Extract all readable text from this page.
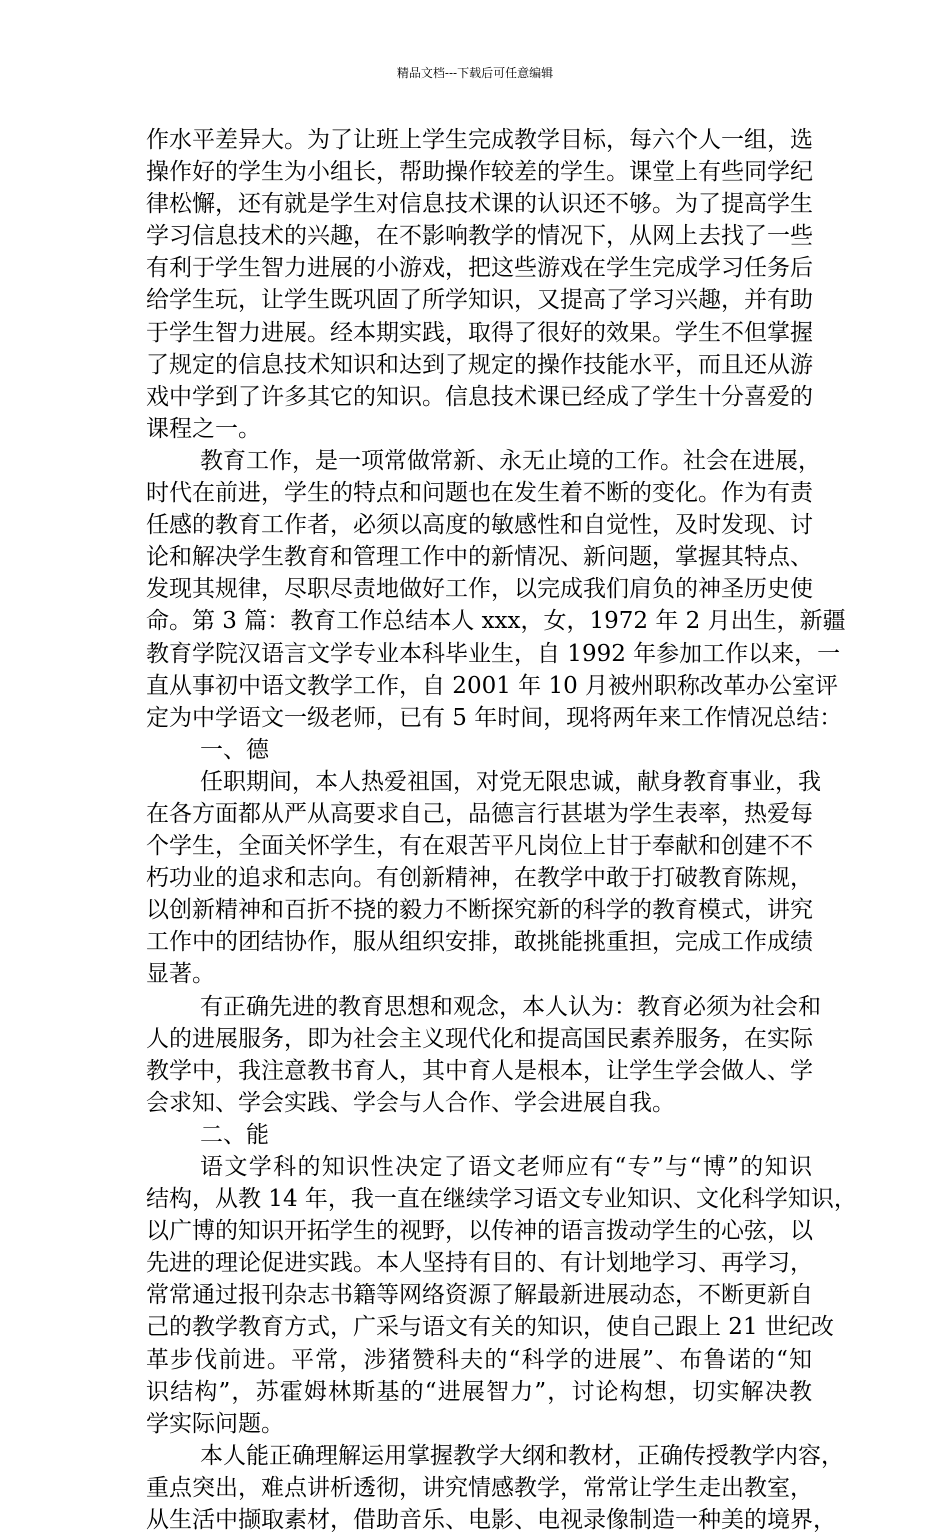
精品文档---下载后可任意编辑
作水平差异大。为了让班上学生完成教学目标，每六个人一组，选
操作好的学生为小组长，帮助操作较差的学生。课堂上有些同学纪
律松懈，还有就是学生对信息技术课的认识还不够。为了提高学生
学习信息技术的兴趣，在不影响教学的情况下，从网上去找了一些
有利于学生智力进展的小游戏，把这些游戏在学生完成学习任务后
给学生玩，让学生既巩固了所学知识，又提高了学习兴趣，并有助
于学生智力进展。经本期实践，取得了很好的效果。学生不但掌握
了规定的信息技术知识和达到了规定的操作技能水平，而且还从游
戏中学到了许多其它的知识。信息技术课已经成了学生十分喜爱的
课程之一。
教育工作，是一项常做常新、永无止境的工作。社会在进展，
时代在前进，学生的特点和问题也在发生着不断的变化。作为有责
任感的教育工作者，必须以高度的敏感性和自觉性，及时发现、讨
论和解决学生教育和管理工作中的新情况、新问题，掌握其特点、
发现其规律，尽职尽责地做好工作，以完成我们肩负的神圣历史使
命。第 3 篇：教育工作总结本人 xxx，女，1972 年 2 月出生，新疆
教育学院汉语言文学专业本科毕业生，自 1992 年参加工作以来，一
直从事初中语文教学工作，自 2001 年 10 月被州职称改革办公室评
定为中学语文一级老师，已有 5 年时间，现将两年来工作情况总结：
一、德
任职期间，本人热爱祖国，对党无限忠诚，献身教育事业，我
在各方面都从严从高要求自己，品德言行甚堪为学生表率，热爱每
个学生，全面关怀学生，有在艰苦平凡岗位上甘于奉献和创建不不
朽功业的追求和志向。有创新精神，在教学中敢于打破教育陈规，
以创新精神和百折不挠的毅力不断探究新的科学的教育模式，讲究
工作中的团结协作，服从组织安排，敢挑能挑重担，完成工作成绩
显著。
有正确先进的教育思想和观念，本人认为：教育必须为社会和
人的进展服务，即为社会主义现代化和提高国民素养服务，在实际
教学中，我注意教书育人，其中育人是根本，让学生学会做人、学
会求知、学会实践、学会与人合作、学会进展自我。
二、能
语文学科的知识性决定了语文老师应有“专”与“博”的知识
结构，从教 14 年，我一直在继续学习语文专业知识、文化科学知识，
以广博的知识开拓学生的视野，以传神的语言拨动学生的心弦，以
先进的理论促进实践。本人坚持有目的、有计划地学习、再学习，
常常通过报刊杂志书籍等网络资源了解最新进展动态，不断更新自
己的教学教育方式，广采与语文有关的知识，使自己跟上 21 世纪改
革步伐前进。平常，涉猪赞科夫的“科学的进展”、布鲁诺的“知
识结构”，苏霍姆林斯基的“进展智力”，讨论构想，切实解决教
学实际问题。
本人能正确理解运用掌握教学大纲和教材，正确传授教学内容，
重点突出，难点讲析透彻，讲究情感教学，常常让学生走出教室，
从生活中撷取素材，借助音乐、电影、电视录像制造一种美的境界，
